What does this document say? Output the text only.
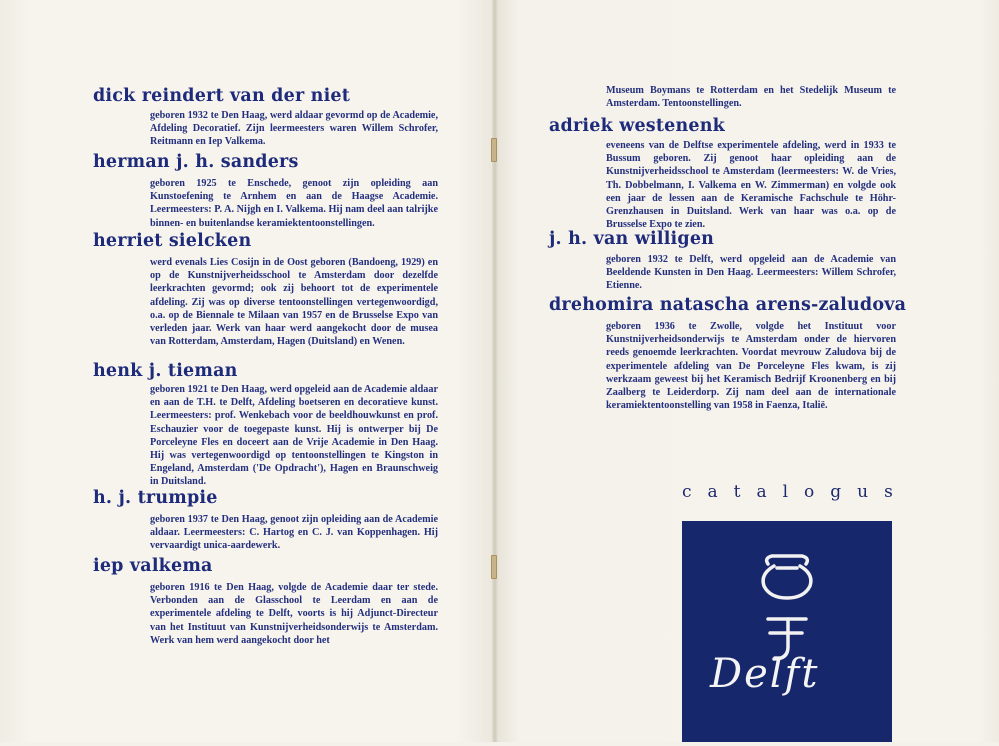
dick reindert van der niet

geboren 1932 te Den Haag, werd aldaar gevormd op de Academie, Afdeling Decoratief. Zijn leermeesters waren Willem Schrofer, Reitmann en Iep Valkema.

herman j. h. sanders

geboren 1925 te Enschede, genoot zijn opleiding aan Kunstoefening te Arnhem en aan de Haagse Academie. Leermeesters: P. A. Nijgh en I. Valkema. Hij nam deel aan talrijke binnen- en buitenlandse keramiektentoonstellingen.

herriet sielcken

werd evenals Lies Cosijn in de Oost geboren (Bandoeng, 1929) en op de Kunstnijverheidsschool te Amsterdam door dezelfde leerkrachten gevormd; ook zij behoort tot de experimentele afdeling. Zij was op diverse tentoonstellingen vertegenwoordigd, o.a. op de Biennale te Milaan van 1957 en de Brusselse Expo van verleden jaar. Werk van haar werd aangekocht door de musea van Rotterdam, Amsterdam, Hagen (Duitsland) en Wenen.

henk j. tieman

geboren 1921 te Den Haag, werd opgeleid aan de Academie aldaar en aan de T.H. te Delft, Afdeling boetseren en decoratieve kunst. Leermeesters: prof. Wenkebach voor de beeldhouwkunst en prof. Eschauzier voor de toegepaste kunst. Hij is ontwerper bij De Porceleyne Fles en doceert aan de Vrije Academie in Den Haag. Hij was vertegenwoordigd op tentoonstellingen te Kingston in Engeland, Amsterdam ('De Opdracht'), Hagen en Braunschweig in Duitsland.

h. j. trumpie

geboren 1937 te Den Haag, genoot zijn opleiding aan de Academie aldaar. Leermeesters: C. Hartog en C. J. van Koppenhagen. Hij vervaardigt unica-aardewerk.

iep valkema

geboren 1916 te Den Haag, volgde de Academie daar ter stede. Verbonden aan de Glasschool te Leerdam en aan de experimentele afdeling te Delft, voorts is hij Adjunct-Directeur van het Instituut van Kunstnijverheidsonderwijs te Amsterdam. Werk van hem werd aangekocht door het

Museum Boymans te Rotterdam en het Stedelijk Museum te Amsterdam. Tentoonstellingen.

adriek westenenk

eveneens van de Delftse experimentele afdeling, werd in 1933 te Bussum geboren. Zij genoot haar opleiding aan de Kunstnijverheidsschool te Amsterdam (leermeesters: W. de Vries, Th. Dobbelmann, I. Valkema en W. Zimmerman) en volgde ook een jaar de lessen aan de Keramische Fachschule te Höhr-Grenzhausen in Duitsland. Werk van haar was o.a. op de Brusselse Expo te zien.

j. h. van willigen

geboren 1932 te Delft, werd opgeleid aan de Academie van Beeldende Kunsten in Den Haag. Leermeesters: Willem Schrofer, Etienne.

drehomira natascha arens-zaludova

geboren 1936 te Zwolle, volgde het Instituut voor Kunstnijverheidsonderwijs te Amsterdam onder de hiervoren reeds genoemde leerkrachten. Voordat mevrouw Zaludova bij de experimentele afdeling van De Porceleyne Fles kwam, is zij werkzaam geweest bij het Keramisch Bedrijf Kroonenberg en bij Zaalberg te Leiderdorp. Zij nam deel aan de internationale keramiektentoonstelling van 1958 in Faenza, Italië.

catalogus
Delft
